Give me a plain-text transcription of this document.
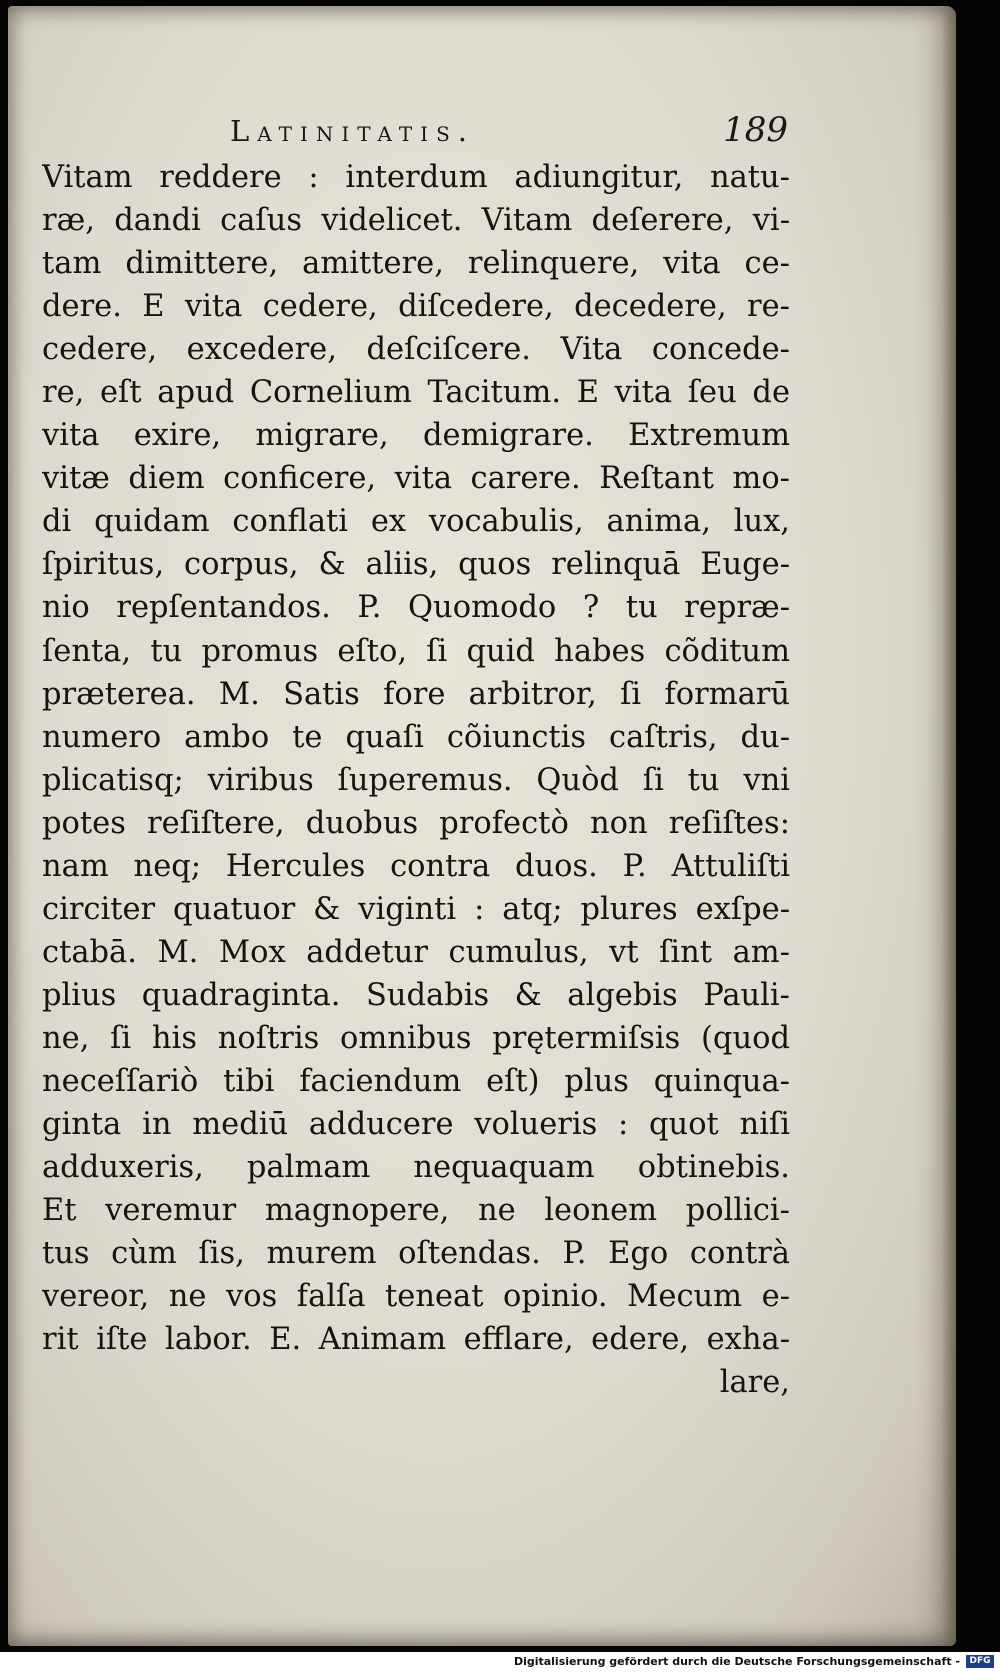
Latinitatis.	189
Vitam reddere : interdum adiungitur, natu-
ræ, dandi caſus videlicet. Vitam deſerere, vi-
tam dimittere, amittere, relinquere, vita ce-
dere. E vita cedere, diſcedere, decedere, re-
cedere, excedere, deſciſcere. Vita concede-
re, eſt apud Cornelium Tacitum. E vita ſeu de
vita exire, migrare, demigrare. Extremum
vitæ diem conficere, vita carere. Reſtant mo-
di quidam conflati ex vocabulis, anima, lux,
ſpiritus, corpus, & aliis, quos relinquā Euge-
nio repſentandos. P. Quomodo ? tu repræ-
ſenta, tu promus eſto, ſi quid habes cõditum
præterea. M. Satis fore arbitror, ſi formarū
numero ambo te quaſi cõiunctis caſtris, du-
plicatisq; viribus ſuperemus. Quòd ſi tu vni
potes reſiſtere, duobus profectò non reſiſtes:
nam neq; Hercules contra duos. P. Attuliſti
circiter quatuor & viginti : atq; plures exſpe-
ctabā. M. Mox addetur cumulus, vt ſint am-
plius quadraginta. Sudabis & algebis Pauli-
ne, ſi his noſtris omnibus prętermiſsis (quod
neceſſariò tibi faciendum eſt) plus quinqua-
ginta in mediū adducere volueris : quot niſi
adduxeris, palmam nequaquam obtinebis.
Et veremur magnopere, ne leonem pollici-
tus cùm ſis, murem oſtendas. P. Ego contrà
vereor, ne vos falſa teneat opinio. Mecum e-
rit iſte labor. E. Animam efflare, edere, exha-
lare,
Digitalisierung gefördert durch die Deutsche Forschungsgemeinschaft -	DFG
